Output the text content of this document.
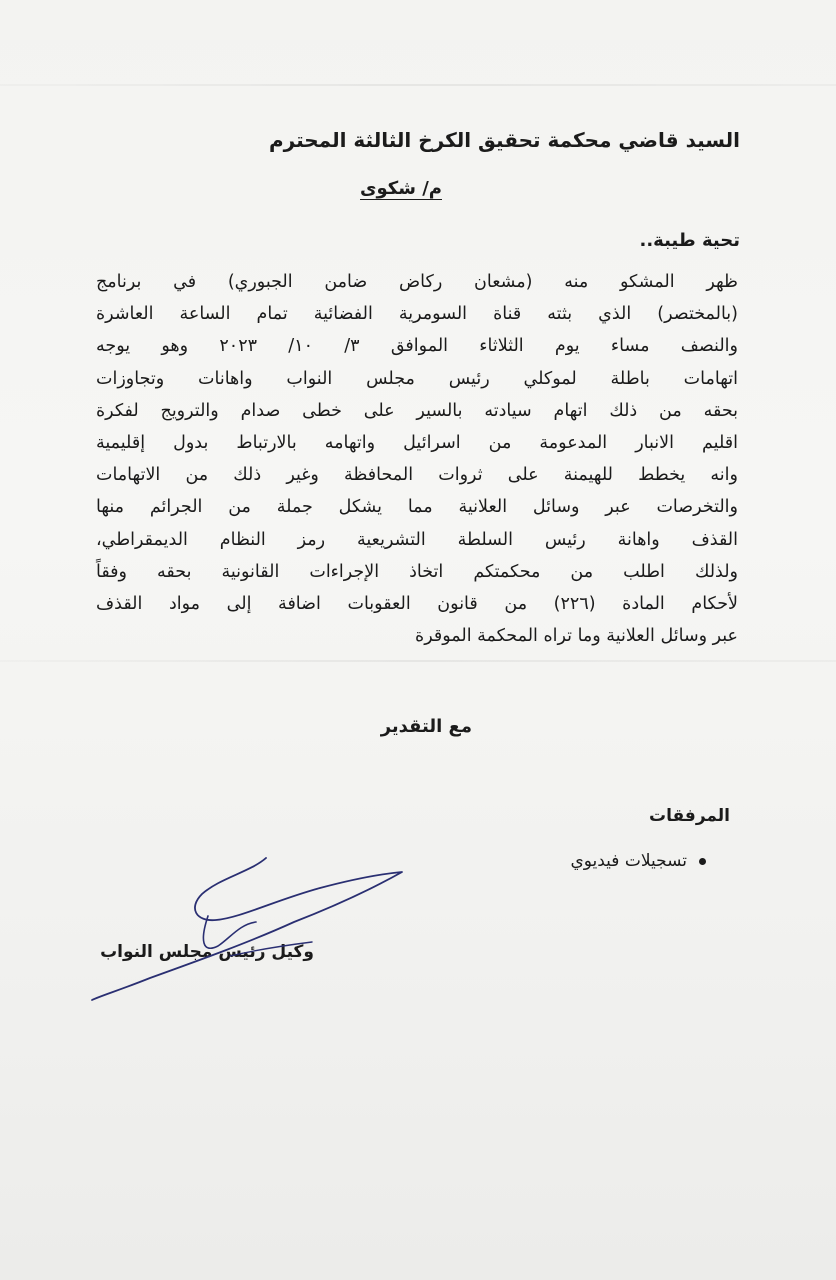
السيد قاضي محكمة تحقيق الكرخ الثالثة المحترم
م/ شكوى
تحية طيبة..
ظهر المشكو منه (مشعان ركاض ضامن الجبوري) في برنامج
(بالمختصر) الذي بثته قناة السومرية الفضائية تمام الساعة العاشرة
والنصف مساء يوم الثلاثاء الموافق ٣/ ١٠/ ٢٠٢٣ وهو يوجه
اتهامات باطلة لموكلي رئيس مجلس النواب واهانات وتجاوزات
بحقه من ذلك اتهام سيادته بالسير على خطى صدام والترويج لفكرة
اقليم الانبار المدعومة من اسرائيل واتهامه بالارتباط بدول إقليمية
وانه يخطط للهيمنة على ثروات المحافظة وغير ذلك من الاتهامات
والتخرصات عبر وسائل العلانية مما يشكل جملة من الجرائم منها
القذف واهانة رئيس السلطة التشريعية رمز النظام الديمقراطي،
ولذلك اطلب من محكمتكم اتخاذ الإجراءات القانونية بحقه وفقاً
لأحكام المادة (٢٢٦) من قانون العقوبات اضافة إلى مواد القذف
عبر وسائل العلانية وما تراه المحكمة الموقرة
مع التقدير
المرفقات
تسجيلات فيديوي
وكيل رئيس مجلس النواب
